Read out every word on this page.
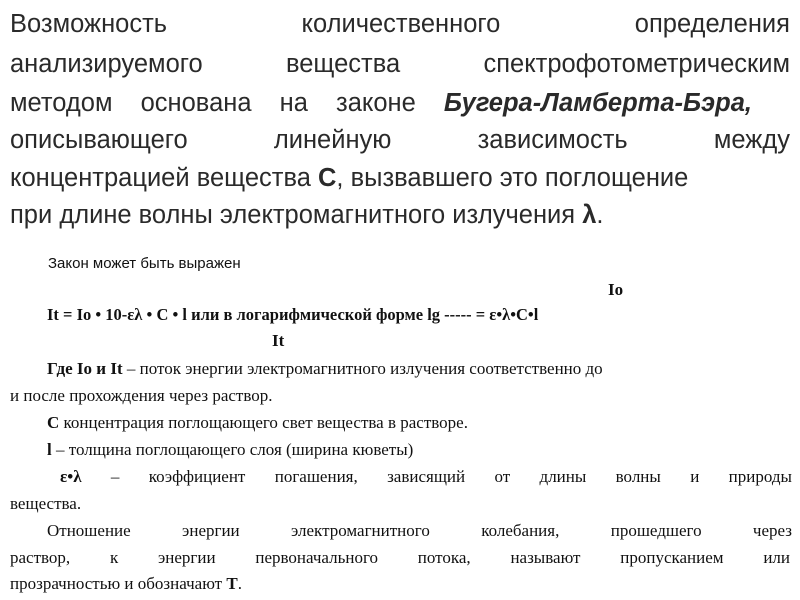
Возможность	количественного	определения
анализируемого	вещества	спектрофотометрическим
методом основана на законе Бугера-Ламберта-Бэра,
описывающего	линейную	зависимость	между
концентрацией вещества С, вызвавшего это поглощение
при длине волны электромагнитного излучения λ.
Закон может быть выражен
Io
It = Io • 10-ελ • C • l или в логарифмической форме lg ----- = ε•λ•C•l
It
Где Io и It – поток энергии электромагнитного излучения соответственно до
и после прохождения через раствор.
С концентрация поглощающего свет вещества в растворе.
l – толщина поглощающего слоя (ширина кюветы)
ε•λ – коэффициент погашения, зависящий от длины волны и природы
вещества.
Отношение	энергии	электромагнитного	колебания,	прошедшего	через
раствор, к энергии первоначального потока, называют пропусканием или
прозрачностью и обозначают Т.
